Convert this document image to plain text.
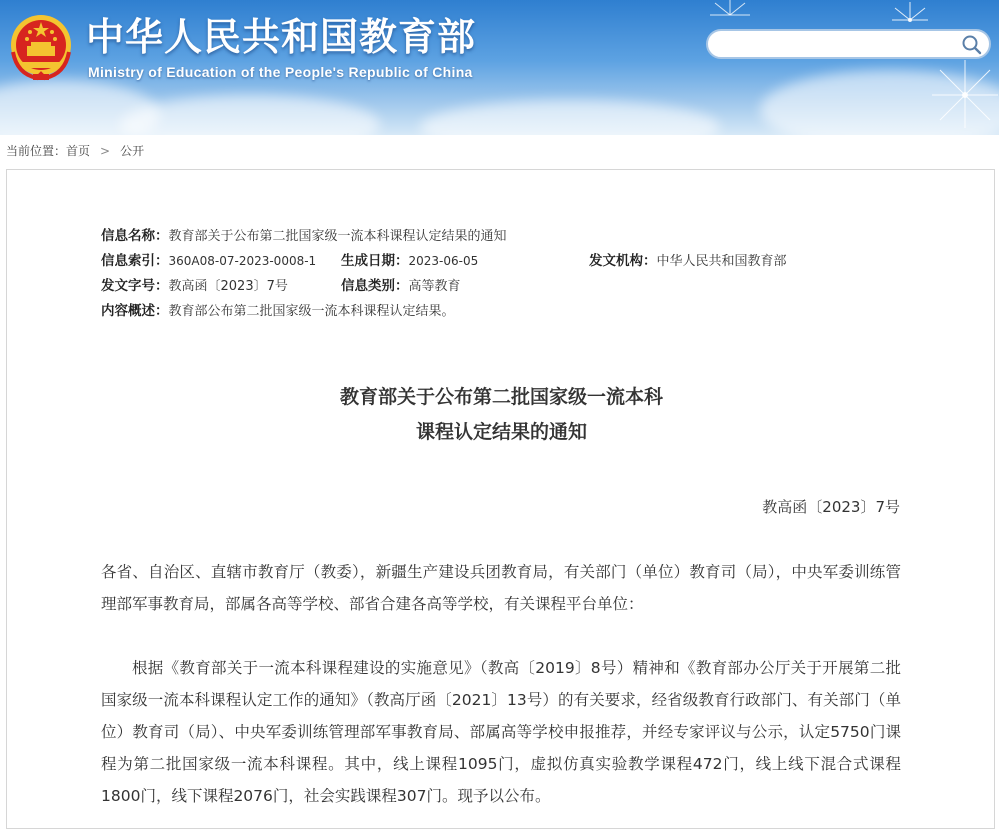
中华人民共和国教育部
Ministry of Education of the People's Republic of China
当前位置：首页 > 公开
信息名称：教育部关于公布第二批国家级一流本科课程认定结果的通知
信息索引：360A08-07-2023-0008-1 生成日期：2023-06-05	发文机构：中华人民共和国教育部
发文字号：教高函〔2023〕7号	信息类别：高等教育
内容概述：教育部公布第二批国家级一流本科课程认定结果。
教育部关于公布第二批国家级一流本科
课程认定结果的通知
教高函〔2023〕7号
各省、自治区、直辖市教育厅（教委），新疆生产建设兵团教育局，有关部门（单位）教育司（局），中央军委训练管理部军事教育局，部属各高等学校、部省合建各高等学校，有关课程平台单位：
根据《教育部关于一流本科课程建设的实施意见》（教高〔2019〕8号）精神和《教育部办公厅关于开展第二批国家级一流本科课程认定工作的通知》（教高厅函〔2021〕13号）的有关要求，经省级教育行政部门、有关部门（单位）教育司（局）、中央军委训练管理部军事教育局、部属高等学校申报推荐，并经专家评议与公示，认定5750门课程为第二批国家级一流本科课程。其中，线上课程1095门，虚拟仿真实验教学课程472门，线上线下混合式课程1800门，线下课程2076门，社会实践课程307门。现予以公布。
